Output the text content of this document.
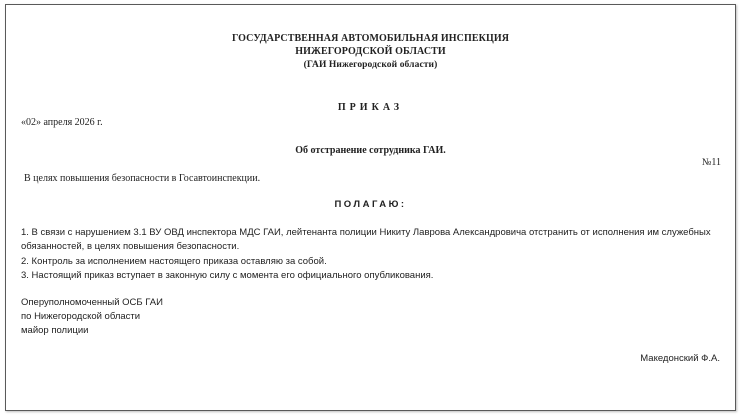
ГОСУДАРСТВЕННАЯ АВТОМОБИЛЬНАЯ ИНСПЕКЦИЯ
НИЖЕГОРОДСКОЙ ОБЛАСТИ
(ГАИ Нижегородской области)
ПРИКАЗ
«02» апреля 2026 г.
Об отстранение сотрудника ГАИ.
№11
В целях повышения безопасности в Госавтоинспекции.
ПОЛАГАЮ:
1. В связи с нарушением 3.1 ВУ ОВД инспектора МДС ГАИ, лейтенанта полиции Никиту Лаврова Александровича отстранить от исполнения им служебных обязанностей, в целях повышения безопасности.
2. Контроль за исполнением настоящего приказа оставляю за собой.
3. Настоящий приказ вступает в законную силу с момента его официального опубликования.
Оперуполномоченный ОСБ ГАИ
по Нижегородской области
майор полиции
Македонский Ф.А.
